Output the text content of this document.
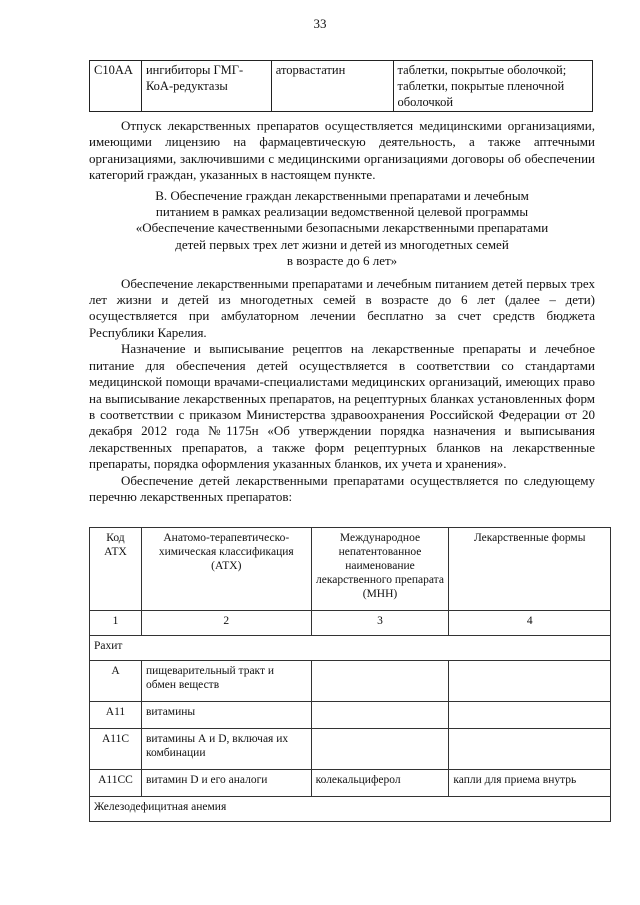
33
С10АА	ингибиторы ГМГ-КоА-редуктазы	аторвастатин	таблетки, покрытые оболочкой; таблетки, покрытые пленочной оболочкой

Отпуск лекарственных препаратов осуществляется медицинскими организациями, имеющими лицензию на фармацевтическую деятельность, а также аптечными организациями, заключившими с медицинскими организациями договоры об обеспечении категорий граждан, указанных в настоящем пункте.

В. Обеспечение граждан лекарственными препаратами и лечебным
питанием в рамках реализации ведомственной целевой программы
«Обеспечение качественными безопасными лекарственными препаратами
детей первых трех лет жизни и детей из многодетных семей
в возрасте до 6 лет»

Обеспечение лекарственными препаратами и лечебным питанием детей первых трех лет жизни и детей из многодетных семей в возрасте до 6 лет (далее – дети) осуществляется при амбулаторном лечении бесплатно за счет средств бюджета Республики Карелия.

Назначение и выписывание рецептов на лекарственные препараты и лечебное питание для обеспечения детей осуществляется в соответствии со стандартами медицинской помощи врачами-специалистами медицинских организаций, имеющих право на выписывание лекарственных препаратов, на рецептурных бланках установленных форм в соответствии с приказом Министерства здравоохранения Российской Федерации от 20 декабря 2012 года №1175н «Об утверждении порядка назначения и выписывания лекарственных препаратов, а также форм рецептурных бланков на лекарственные препараты, порядка оформления указанных бланков, их учета и хранения».

Обеспечение детей лекарственными препаратами осуществляется по следующему перечню лекарственных препаратов:

Код АТХ	Анатомо-терапевтическо-химическая классификация (АТХ)	Международное непатентованное наименование лекарственного препарата (МНН)	Лекарственные формы
1	2	3	4
Рахит			
А	пищеварительный тракт и обмен веществ		
А11	витамины		
А11С	витамины А и D, включая их комбинации		
А11СС	витамин D и его аналоги	колекальциферол	капли для приема внутрь
Железодефицитная анемия			
